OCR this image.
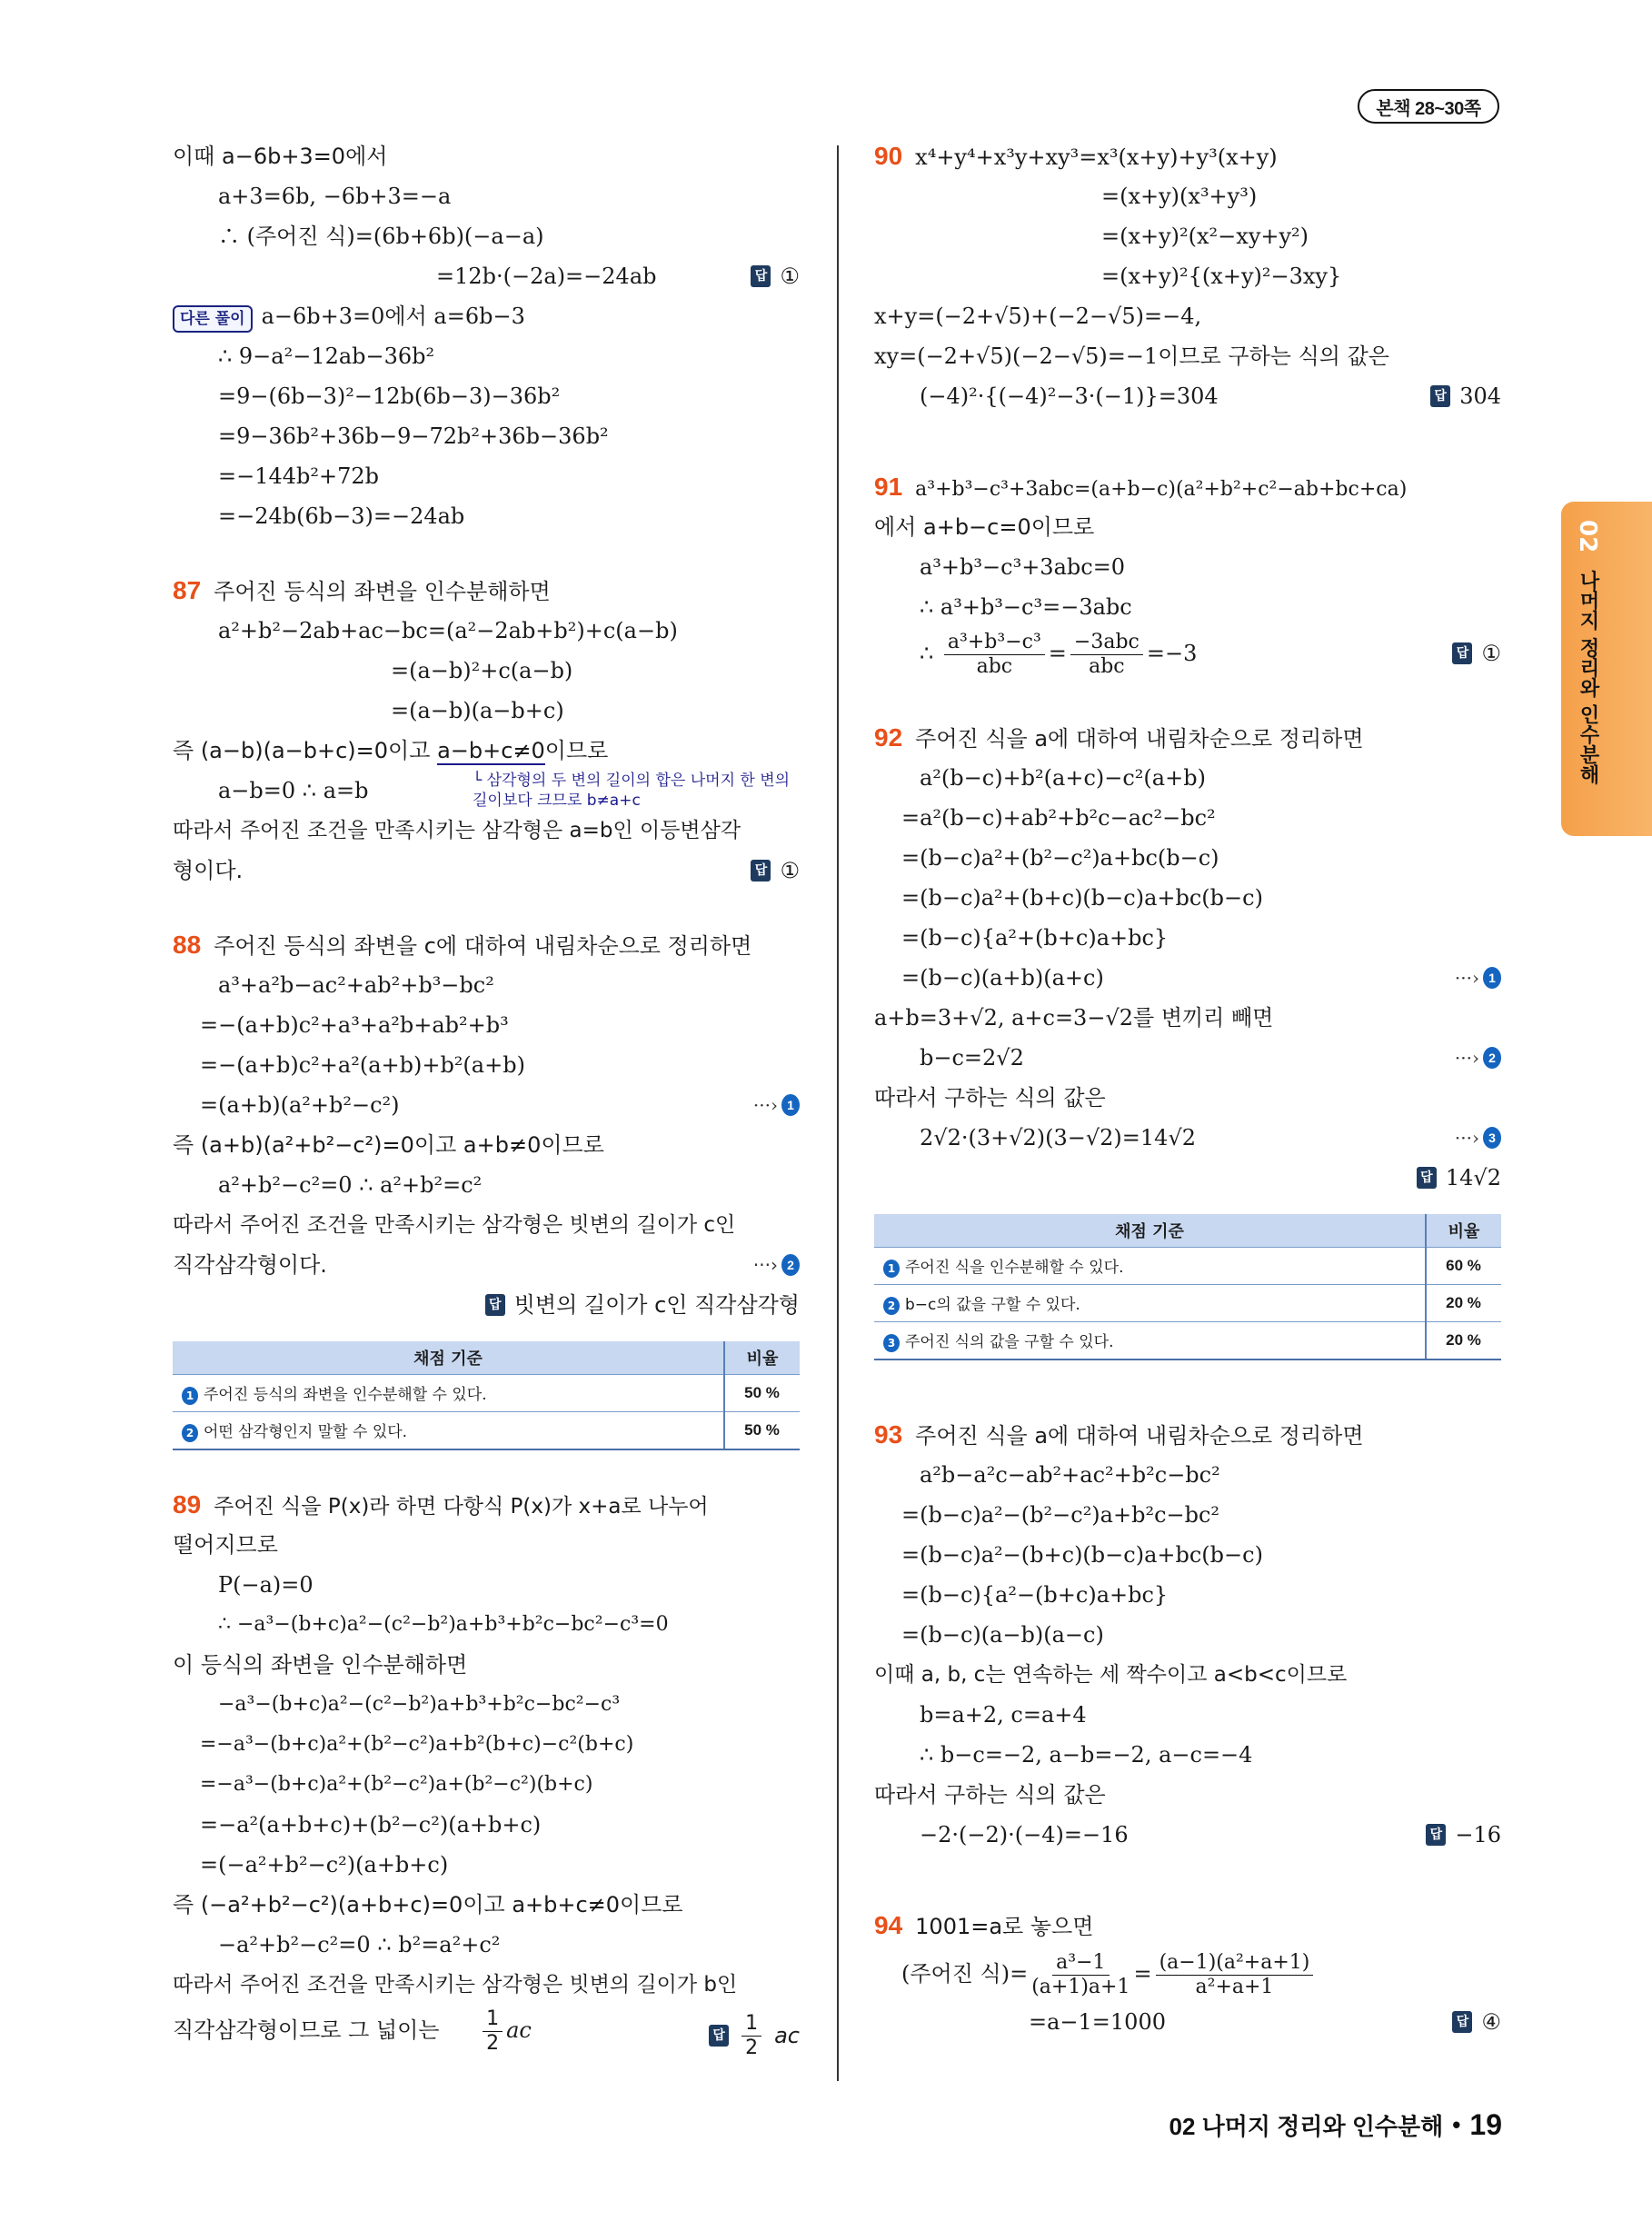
본책 28~30쪽
이때 a−6b+3=0에서
a+3=6b, −6b+3=−a
∴ (주어진 식)=(6b+6b)(−a−a)
=12b·(−2a)=−24ab	답 ①
다른 풀이 a−6b+3=0에서 a=6b−3
∴ 9−a²−12ab−36b²
=9−(6b−3)²−12b(6b−3)−36b²
=9−36b²+36b−9−72b²+36b−36b²
=−144b²+72b
=−24b(6b−3)=−24ab
87 주어진 등식의 좌변을 인수분해하면
a²+b²−2ab+ac−bc=(a²−2ab+b²)+c(a−b)
=(a−b)²+c(a−b)
=(a−b)(a−b+c)
즉 (a−b)(a−b+c)=0이고 a−b+c≠0이므로
a−b=0 ∴ a=b	└ 삼각형의 두 변의 길이의 합은 나머지 한 변의 길이보다 크므로 b≠a+c
따라서 주어진 조건을 만족시키는 삼각형은 a=b인 이등변삼각
형이다.	답 ①
88 주어진 등식의 좌변을 c에 대하여 내림차순으로 정리하면
a³+a²b−ac²+ab²+b³−bc²
=−(a+b)c²+a³+a²b+ab²+b³
=−(a+b)c²+a²(a+b)+b²(a+b)
=(a+b)(a²+b²−c²)	···› 1
즉 (a+b)(a²+b²−c²)=0이고 a+b≠0이므로
a²+b²−c²=0 ∴ a²+b²=c²
따라서 주어진 조건을 만족시키는 삼각형은 빗변의 길이가 c인
직각삼각형이다.	···› 2
답 빗변의 길이가 c인 직각삼각형
채점 기준	비율
1 주어진 등식의 좌변을 인수분해할 수 있다.	50 %
2 어떤 삼각형인지 말할 수 있다.	50 %
89 주어진 식을 P(x)라 하면 다항식 P(x)가 x+a로 나누어
떨어지므로
P(−a)=0
∴ −a³−(b+c)a²−(c²−b²)a+b³+b²c−bc²−c³=0
이 등식의 좌변을 인수분해하면
−a³−(b+c)a²−(c²−b²)a+b³+b²c−bc²−c³
=−a³−(b+c)a²+(b²−c²)a+b²(b+c)−c²(b+c)
=−a³−(b+c)a²+(b²−c²)a+(b²−c²)(b+c)
=−a²(a+b+c)+(b²−c²)(a+b+c)
=(−a²+b²−c²)(a+b+c)
즉 (−a²+b²−c²)(a+b+c)=0이고 a+b+c≠0이므로
−a²+b²−c²=0 ∴ b²=a²+c²
따라서 주어진 조건을 만족시키는 삼각형은 빗변의 길이가 b인
직각삼각형이므로 그 넓이는 $\frac{1}{2}$ ac	답 $\frac{1}{2}$ ac
90 x⁴+y⁴+x³y+xy³=x³(x+y)+y³(x+y)
=(x+y)(x³+y³)
=(x+y)²(x²−xy+y²)
=(x+y)²{(x+y)²−3xy}
x+y=(−2+√5)+(−2−√5)=−4,
xy=(−2+√5)(−2−√5)=−1이므로 구하는 식의 값은
(−4)²·{(−4)²−3·(−1)}=304	답 304
91 a³+b³−c³+3abc=(a+b−c)(a²+b²+c²−ab+bc+ca)
에서 a+b−c=0이므로
a³+b³−c³+3abc=0
∴ a³+b³−c³=−3abc
∴ $\frac{\text{a³+b³−c³}}{\text{abc}} = \frac{\text{−3abc}}{\text{abc}} =-3$	답 ①
92 주어진 식을 a에 대하여 내림차순으로 정리하면
a²(b−c)+b²(a+c)−c²(a+b)
=a²(b−c)+ab²+b²c−ac²−bc²
=(b−c)a²+(b²−c²)a+bc(b−c)
=(b−c)a²+(b+c)(b−c)a+bc(b−c)
=(b−c){a²+(b+c)a+bc}
=(b−c)(a+b)(a+c)	···› 1
a+b=3+√2, a+c=3−√2를 변끼리 빼면
b−c=2√2	···› 2
따라서 구하는 식의 값은
2√2·(3+√2)(3−√2)=14√2	···› 3
답 14√2
채점 기준	비율
1 주어진 식을 인수분해할 수 있다.	60 %
2 b−c의 값을 구할 수 있다.	20 %
3 주어진 식의 값을 구할 수 있다.	20 %
93 주어진 식을 a에 대하여 내림차순으로 정리하면
a²b−a²c−ab²+ac²+b²c−bc²
=(b−c)a²−(b²−c²)a+b²c−bc²
=(b−c)a²−(b+c)(b−c)a+bc(b−c)
=(b−c){a²−(b+c)a+bc}
=(b−c)(a−b)(a−c)
이때 a, b, c는 연속하는 세 짝수이고 a<b<c이므로
b=a+2, c=a+4
∴ b−c=−2, a−b=−2, a−c=−4
따라서 구하는 식의 값은
−2·(−2)·(−4)=−16	답 −16
94 1001=a로 놓으면
(주어진 식)= $\frac{\text{a³−1}}{(a+1)a+1} = \frac{\text{(a−1)(a²+a+1)}}{\text{a²+a+1}}$
=a−1=1000	답 ④
02 나머지 정리와 인수분해
02 나머지 정리와 인수분해 • 19
